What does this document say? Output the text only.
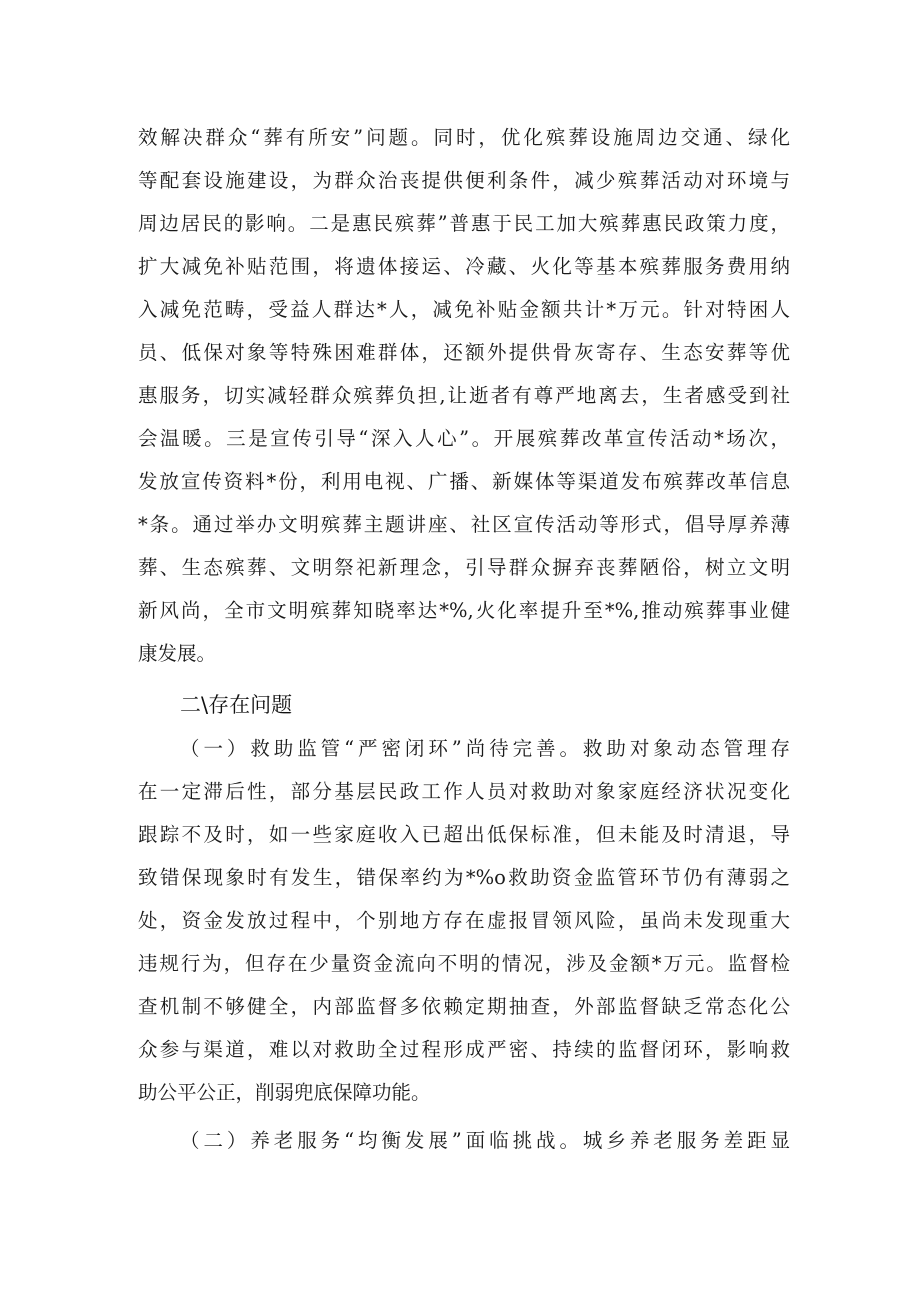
效解决群众“葬有所安”问题。同时，优化殡葬设施周边交通、绿化
等配套设施建设，为群众治丧提供便利条件，减少殡葬活动对环境与
周边居民的影响。二是惠民殡葬”普惠于民工加大殡葬惠民政策力度，
扩大减免补贴范围，将遗体接运、冷藏、火化等基本殡葬服务费用纳
入减免范畴，受益人群达*人，减免补贴金额共计*万元。针对特困人
员、低保对象等特殊困难群体，还额外提供骨灰寄存、生态安葬等优
惠服务，切实减轻群众殡葬负担,让逝者有尊严地离去，生者感受到社
会温暖。三是宣传引导“深入人心”。开展殡葬改革宣传活动*场次，
发放宣传资料*份，利用电视、广播、新媒体等渠道发布殡葬改革信息
*条。通过举办文明殡葬主题讲座、社区宣传活动等形式，倡导厚养薄
葬、生态殡葬、文明祭祀新理念，引导群众摒弃丧葬陋俗，树立文明
新风尚，全市文明殡葬知晓率达*%,火化率提升至*%,推动殡葬事业健
康发展。
二\存在问题
（一）救助监管“严密闭环”尚待完善。救助对象动态管理存
在一定滞后性，部分基层民政工作人员对救助对象家庭经济状况变化
跟踪不及时，如一些家庭收入已超出低保标准，但未能及时清退，导
致错保现象时有发生，错保率约为*%o救助资金监管环节仍有薄弱之
处，资金发放过程中，个别地方存在虚报冒领风险，虽尚未发现重大
违规行为，但存在少量资金流向不明的情况，涉及金额*万元。监督检
查机制不够健全，内部监督多依赖定期抽查，外部监督缺乏常态化公
众参与渠道，难以对救助全过程形成严密、持续的监督闭环，影响救
助公平公正，削弱兜底保障功能。
（二）养老服务“均衡发展”面临挑战。城乡养老服务差距显
